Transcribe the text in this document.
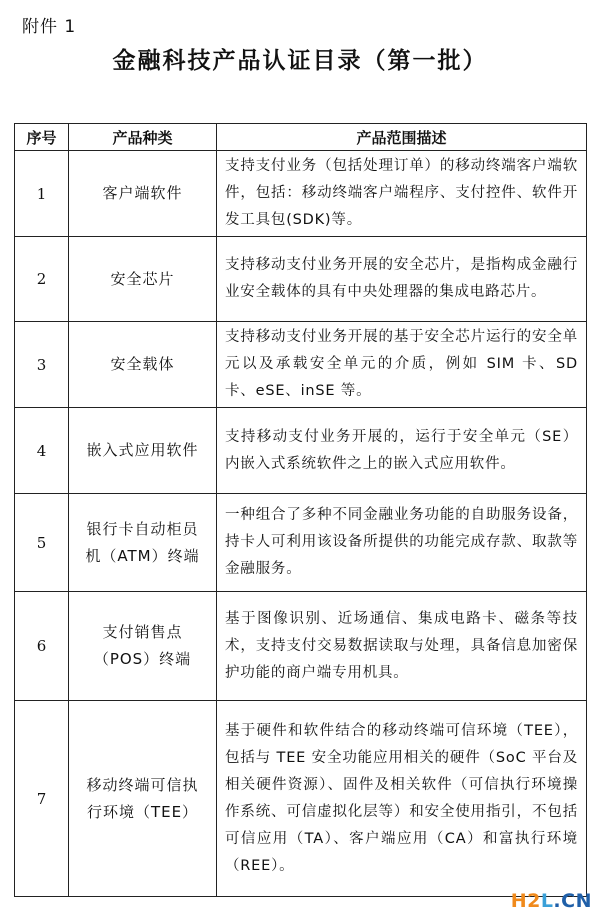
附件 1
金融科技产品认证目录（第一批）
序号	产品种类	产品范围描述
1	客户端软件	支持支付业务（包括处理订单）的移动终端客户端软件，包括：移动终端客户端程序、支付控件、软件开发工具包(SDK)等。
2	安全芯片	支持移动支付业务开展的安全芯片，是指构成金融行业安全载体的具有中央处理器的集成电路芯片。
3	安全载体	支持移动支付业务开展的基于安全芯片运行的安全单元以及承载安全单元的介质，例如 SIM 卡、SD 卡、eSE、inSE 等。
4	嵌入式应用软件	支持移动支付业务开展的，运行于安全单元（SE）内嵌入式系统软件之上的嵌入式应用软件。
5	银行卡自动柜员机（ATM）终端	一种组合了多种不同金融业务功能的自助服务设备，持卡人可利用该设备所提供的功能完成存款、取款等金融服务。
6	支付销售点（POS）终端	基于图像识别、近场通信、集成电路卡、磁条等技术，支持支付交易数据读取与处理，具备信息加密保护功能的商户端专用机具。
7	移动终端可信执行环境（TEE）	基于硬件和软件结合的移动终端可信环境（TEE），包括与 TEE 安全功能应用相关的硬件（SoC 平台及相关硬件资源）、固件及相关软件（可信执行环境操作系统、可信虚拟化层等）和安全使用指引，不包括可信应用（TA）、客户端应用（CA）和富执行环境（REE）。
H2L.CN
